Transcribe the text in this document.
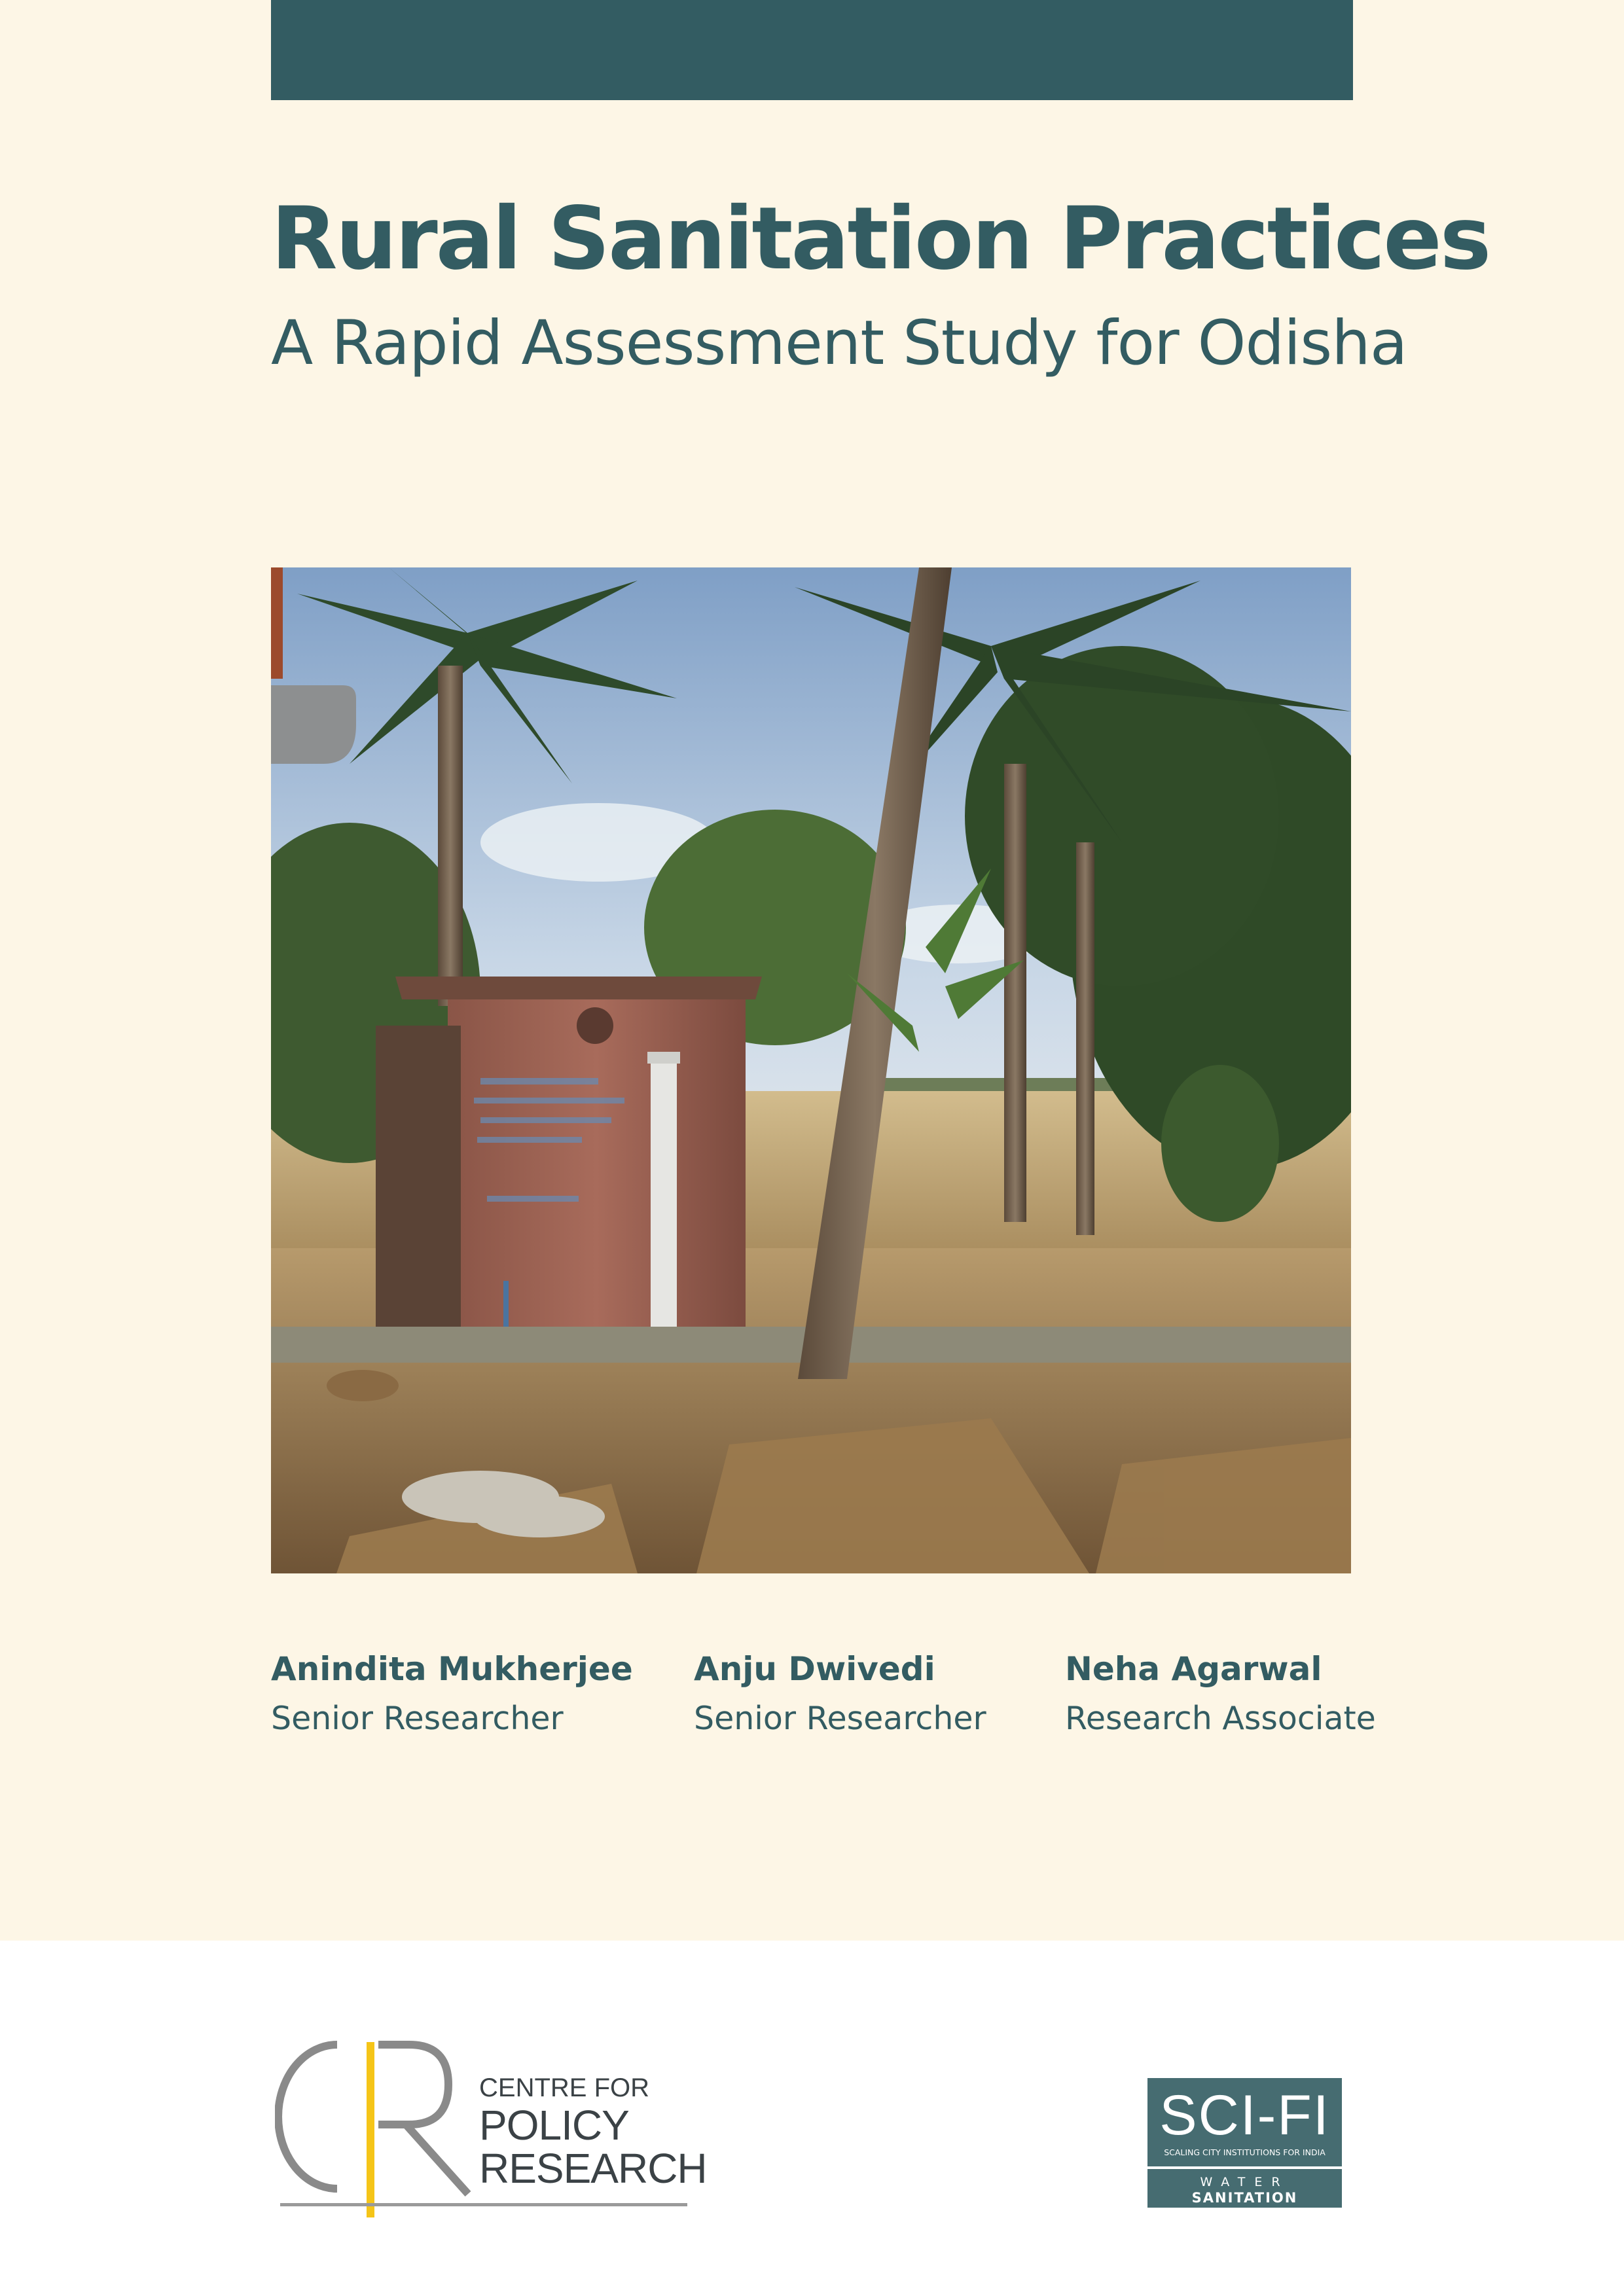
Rural Sanitation Practices
A Rapid Assessment Study for Odisha
Anindita Mukherjee
Senior Researcher
Anju Dwivedi
Senior Researcher
Neha Agarwal
Research Associate
CENTRE FOR
POLICY
RESEARCH
SCI-FI
SCALING CITY INSTITUTIONS FOR INDIA
WATER
SANITATION
